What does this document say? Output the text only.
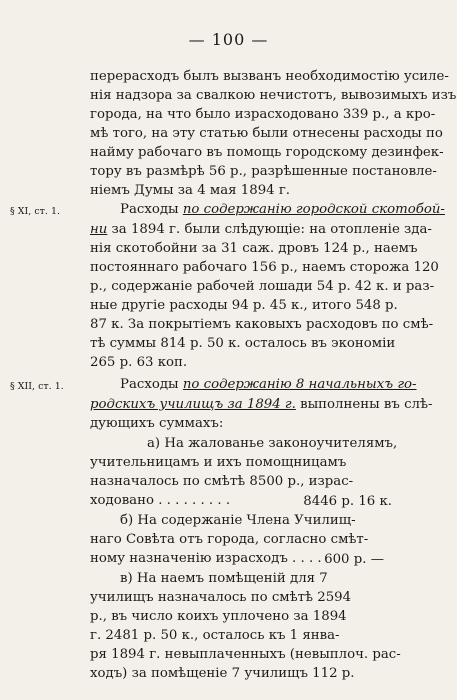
— 100 —
перерасходъ былъ вызванъ необходимостію усиле-
нія надзора за свалкою нечистотъ, вывозимыхъ изъ
города, на что было израсходовано 339 р., а кро-
мѣ того, на эту статью были отнесены расходы по
найму рабочаго въ помощь городскому дезинфек-
тору въ размѣрѣ 56 р., разрѣшенные постановле-
ніемъ Думы за 4 мая 1894 г.
§ XI, ст. 1.	Расходы по содержанію городской скотобой-
ни за 1894 г. были слѣдующіе: на отопленіе зда-
нія скотобойни за 31 саж. дровъ 124 р., наемъ
постояннаго рабочаго 156 р., наемъ сторожа 120
р., содержаніе рабочей лошади 54 р. 42 к. и раз-
ные другіе расходы 94 р. 45 к., итого 548 р.
87 к. За покрытіемъ каковыхъ расходовъ по смѣ-
тѣ суммы 814 р. 50 к. осталось въ экономіи
265 р. 63 коп.
§ XII, ст. 1.	Расходы по содержанію 8 начальныхъ го-
родскихъ училищъ за 1894 г. выполнены въ слѣ-
дующихъ суммахъ:
а) На жалованье законоучителямъ,
учительницамъ и ихъ помощницамъ
назначалось по смѣтѣ 8500 р., израс-
ходовано . . . . . . . . .	8446 р. 16 к.
б) На содержаніе Члена Училищ-
наго Совѣта отъ города, согласно смѣт-
ному назначенію израсходъ . . . . 600 р. —
в) На наемъ помѣщеній для 7
училищъ назначалось по смѣтѣ 2594
р., въ число коихъ уплочено за 1894
г. 2481 р. 50 к., осталось къ 1 янва-
ря 1894 г. невыплаченныхъ (невыплоч. рас-
ходъ) за помѣщеніе 7 училищъ 112 р.
